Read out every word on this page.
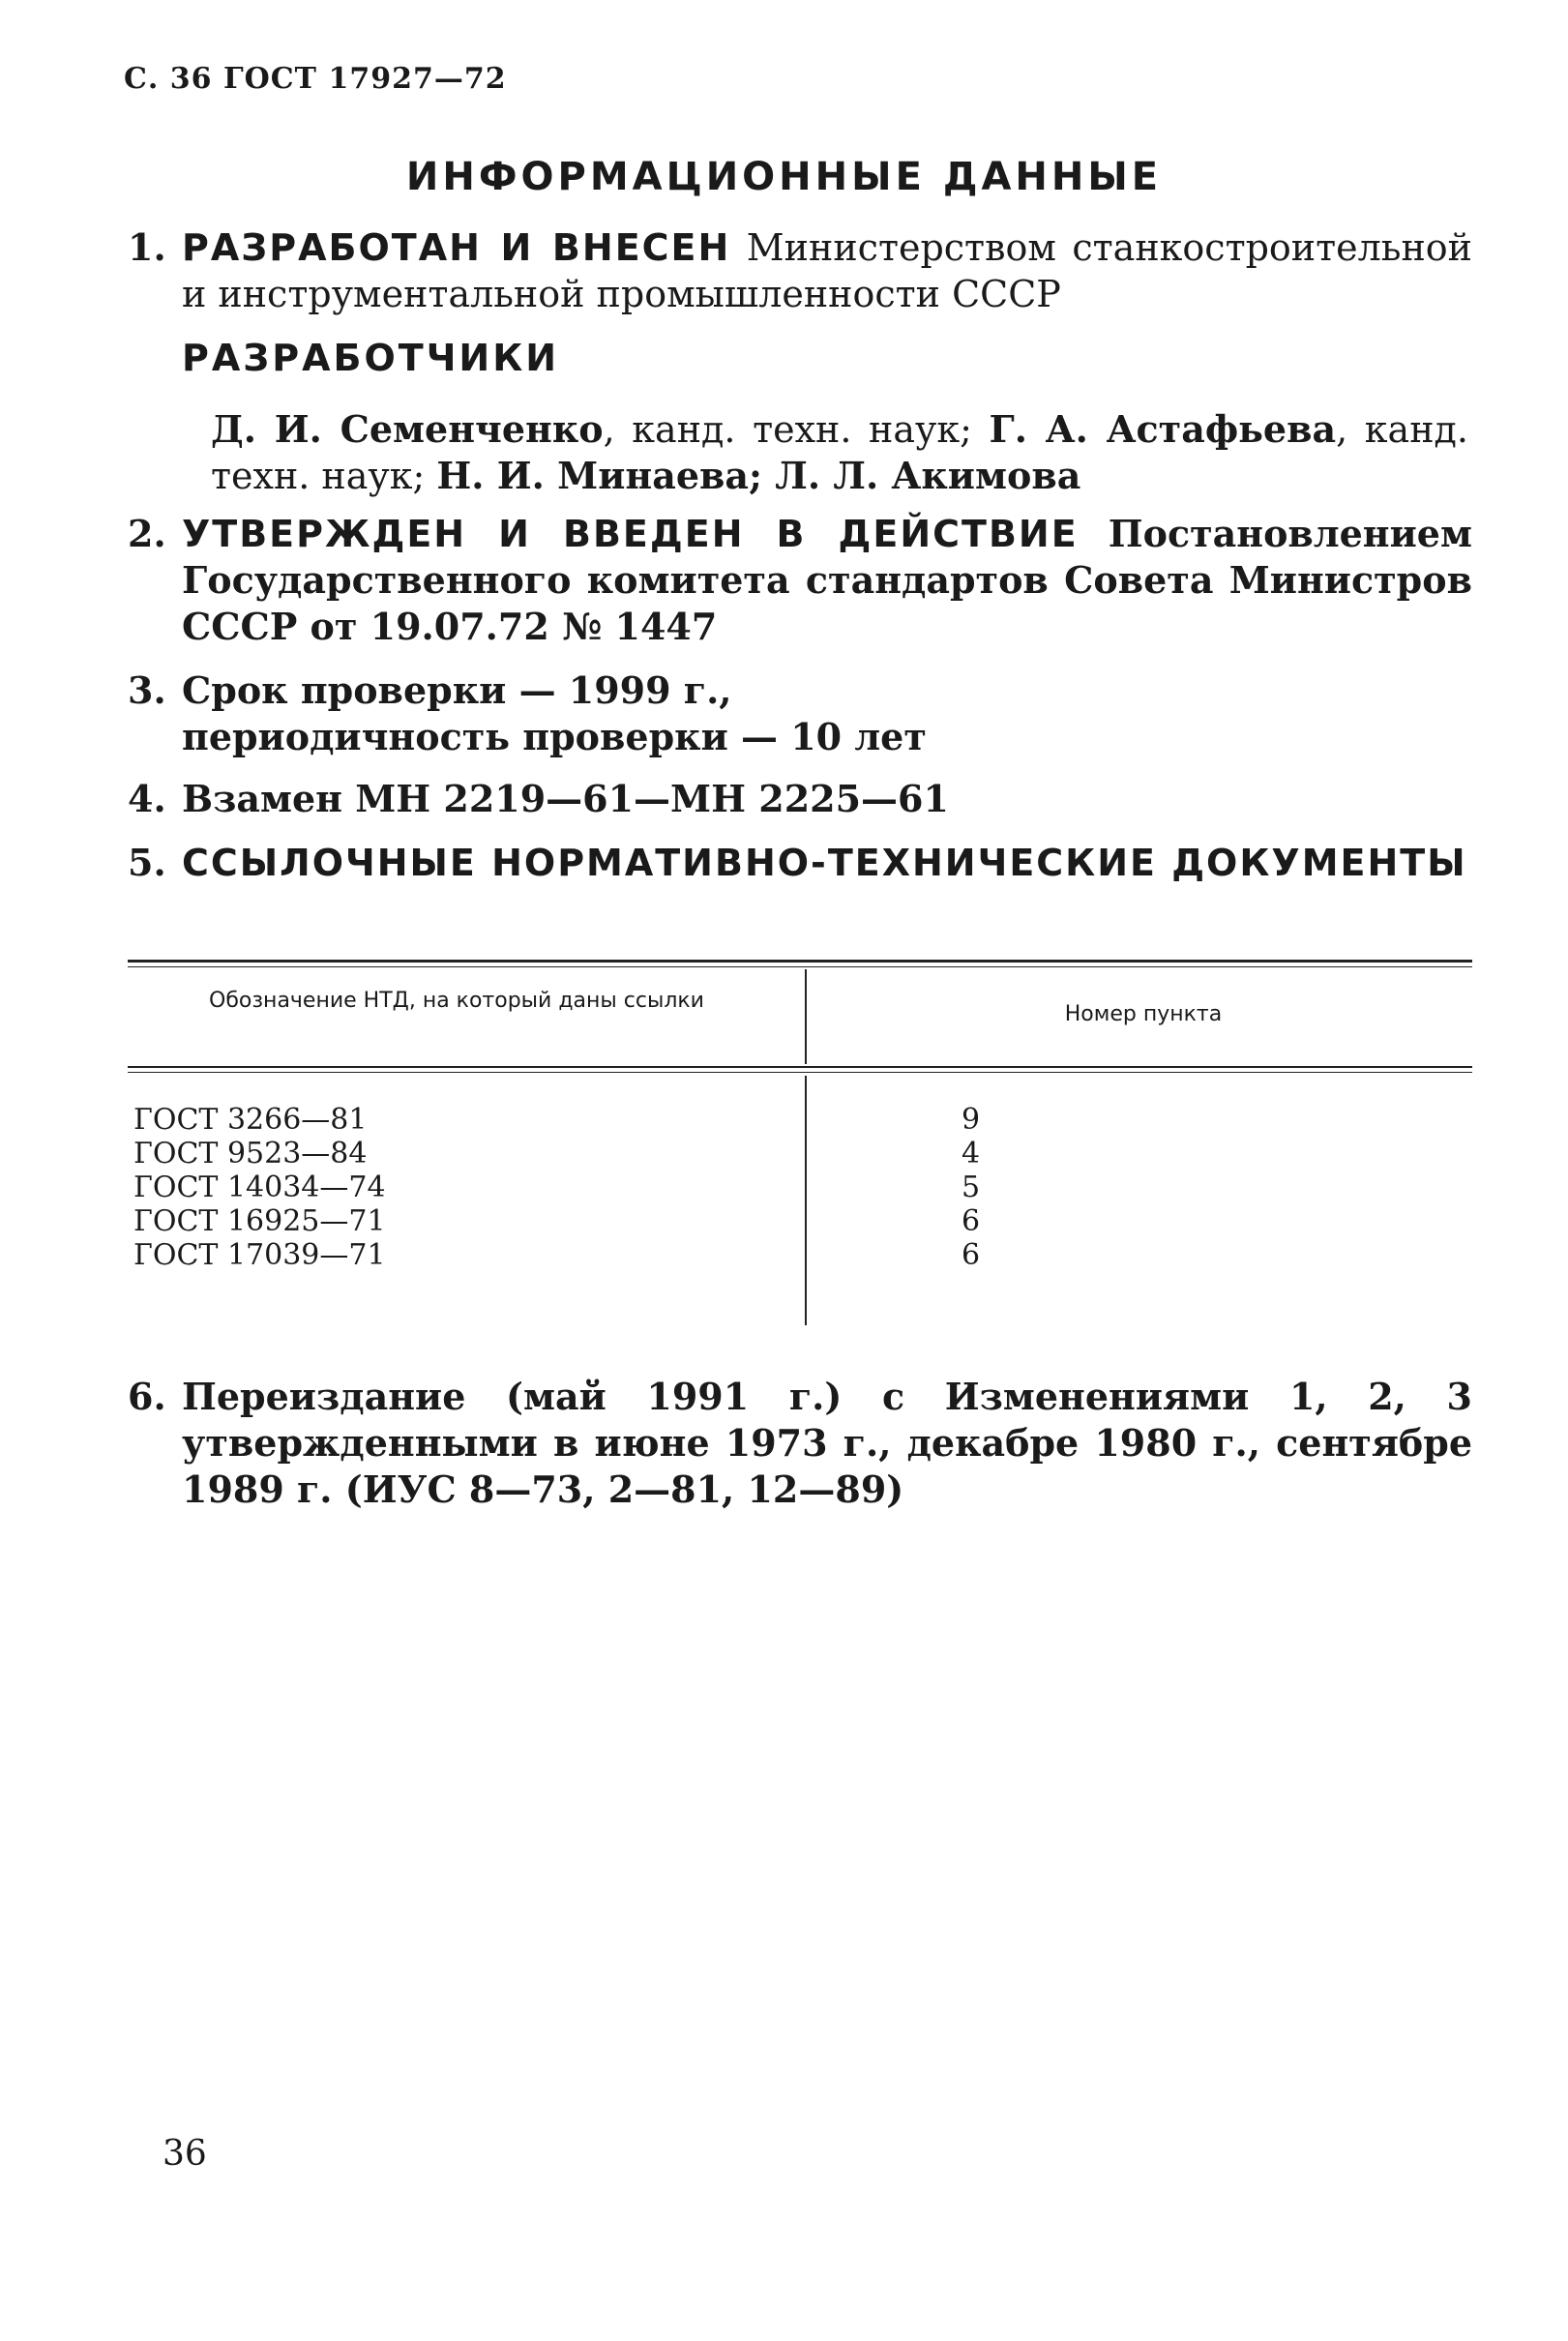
С. 36 ГОСТ 17927—72
ИНФОРМАЦИОННЫЕ ДАННЫЕ
1. РАЗРАБОТАН И ВНЕСЕН Министерством станкостроительной и инструментальной промышленности СССР
РАЗРАБОТЧИКИ
Д. И. Семенченко, канд. техн. наук; Г. А. Астафьева, канд. техн. наук; Н. И. Минаева; Л. Л. Акимова
2. УТВЕРЖДЕН И ВВЕДЕН В ДЕЙСТВИЕ Постановлением Государственного комитета стандартов Совета Министров СССР от 19.07.72 № 1447
3. Срок проверки — 1999 г.,
периодичность проверки — 10 лет
4. Взамен МН 2219—61—МН 2225—61
5. ССЫЛОЧНЫЕ НОРМАТИВНО-ТЕХНИЧЕСКИЕ ДОКУМЕНТЫ
Обозначение НТД, на который даны ссылки
Номер пункта
ГОСТ 3266—81	9
ГОСТ 9523—84	4
ГОСТ 14034—74	5
ГОСТ 16925—71	6
ГОСТ 17039—71	6
6. Переиздание (май 1991 г.) с Изменениями 1, 2, 3 утвержденными в июне 1973 г., декабре 1980 г., сентябре 1989 г. (ИУС 8—73, 2—81, 12—89)
36
